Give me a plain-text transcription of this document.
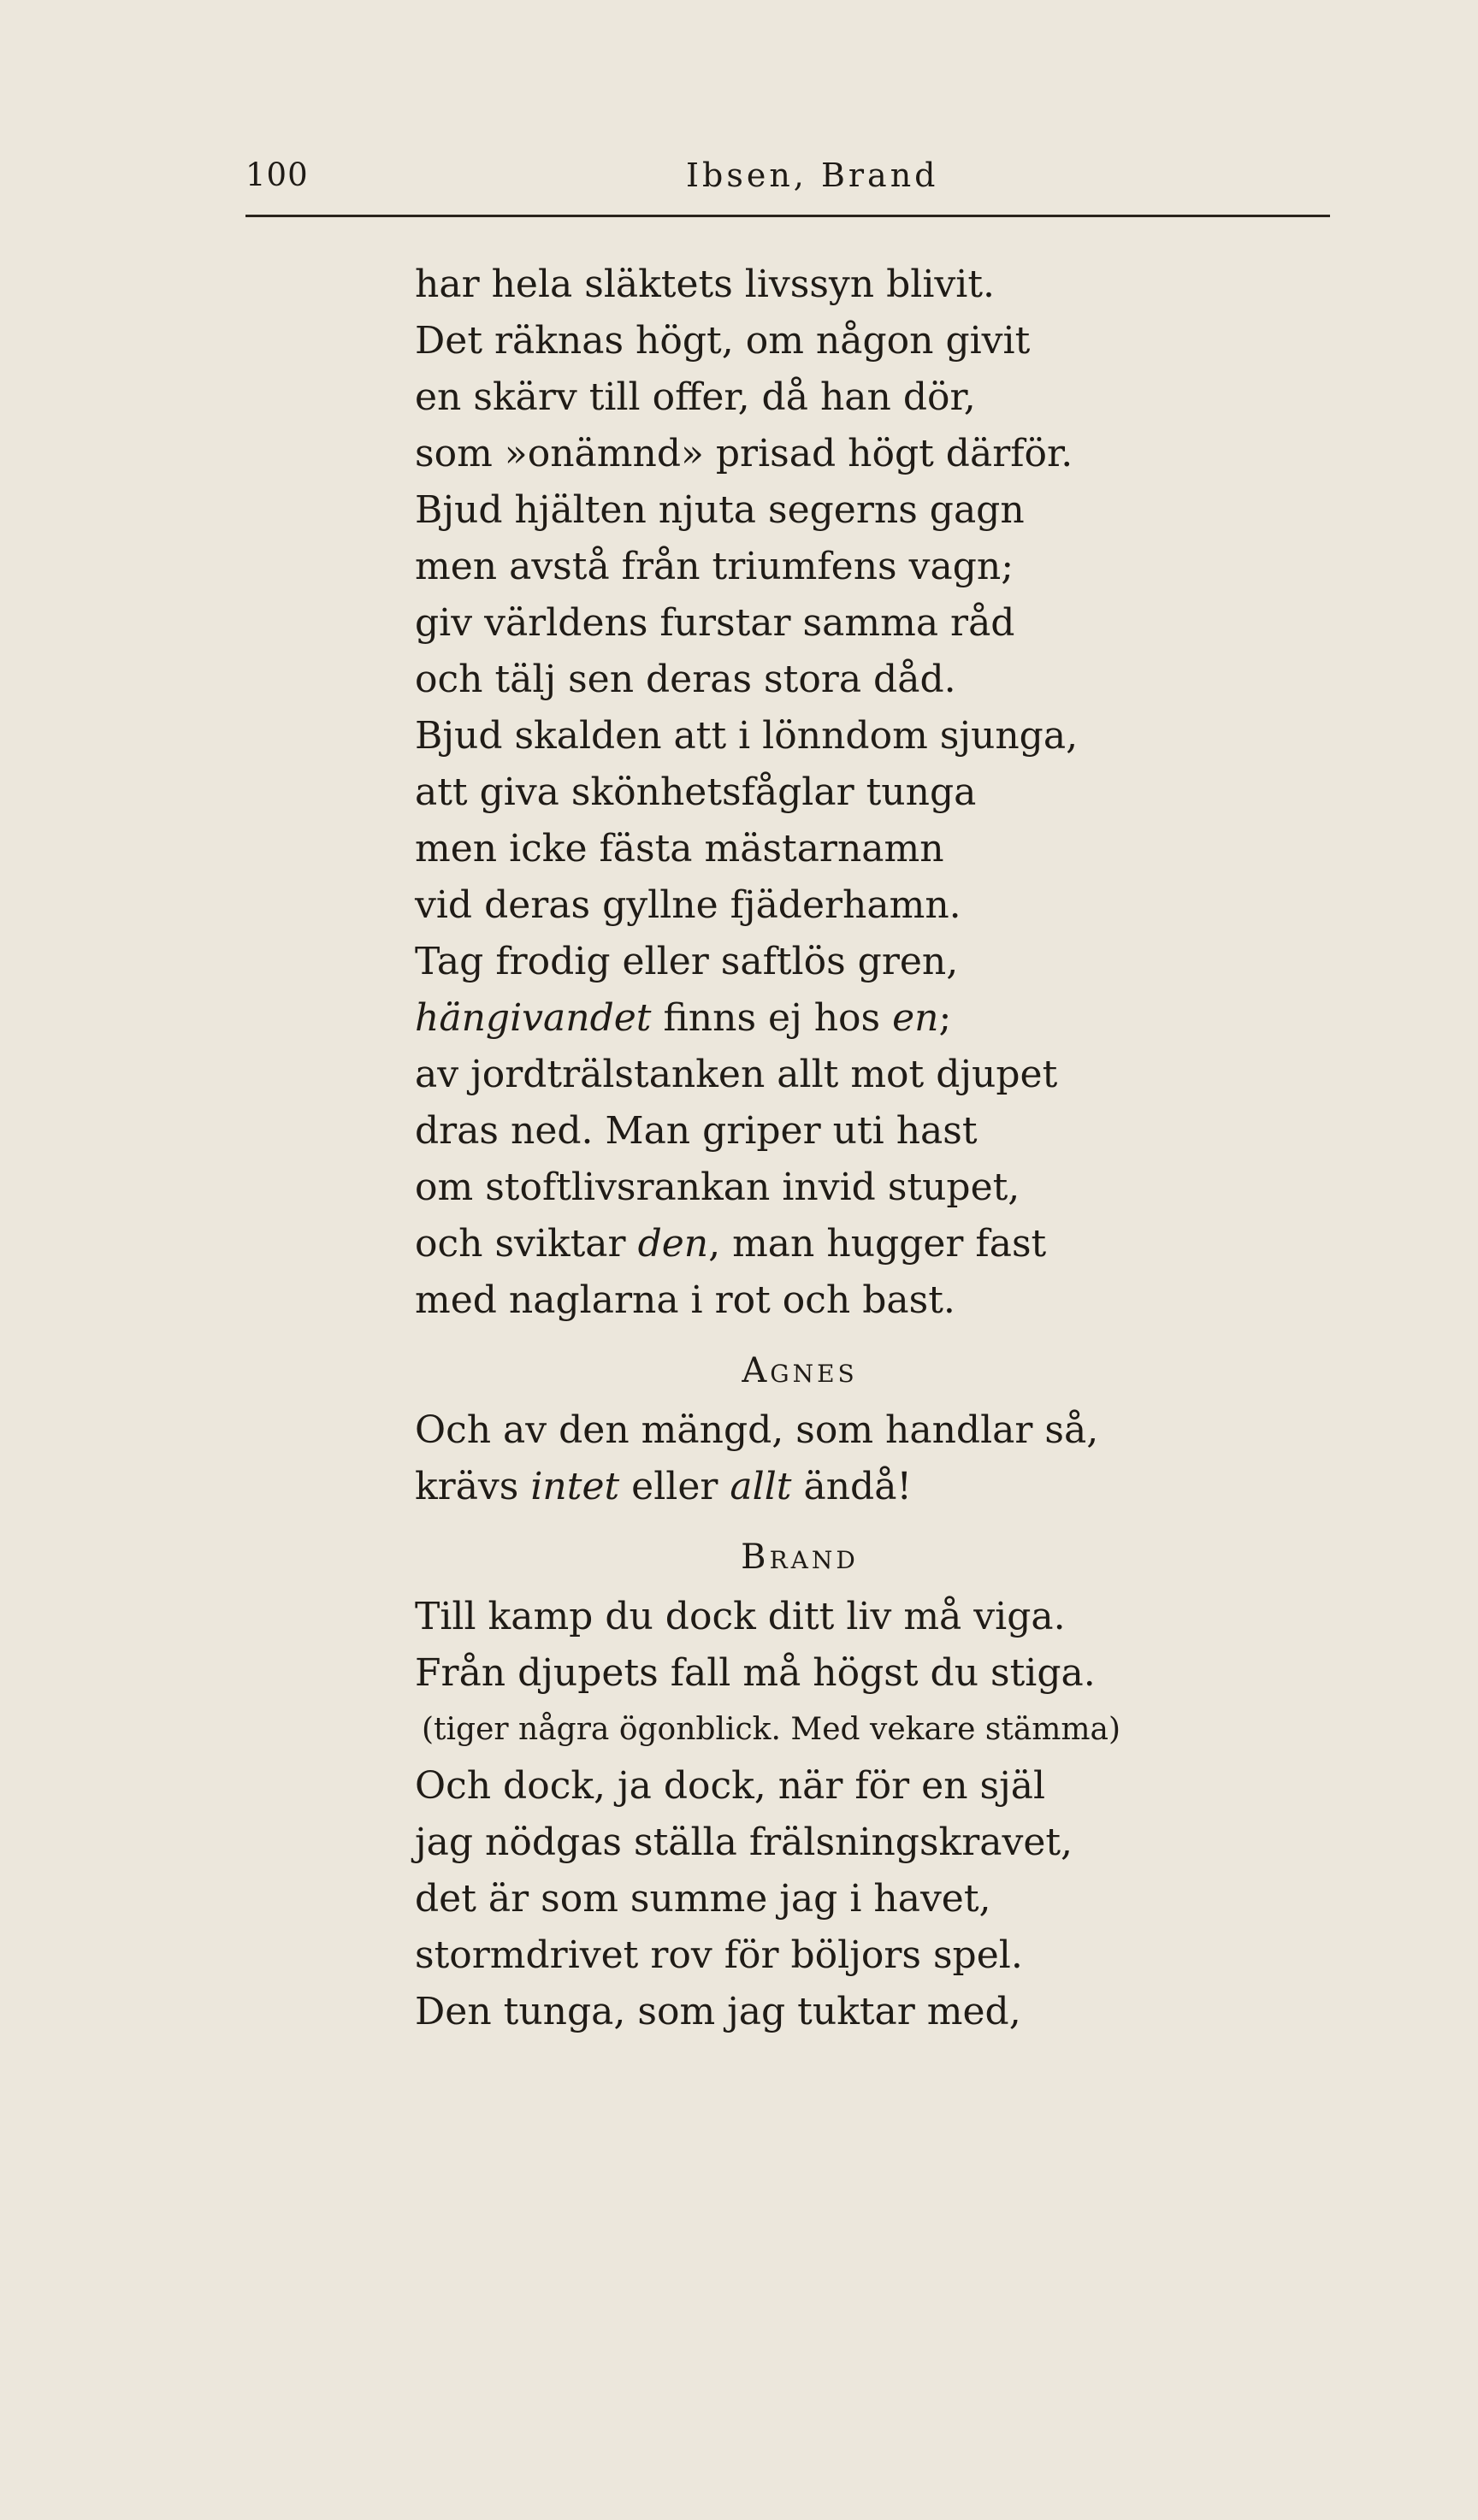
100	Ibsen, Brand
har hela släktets livssyn blivit.
Det räknas högt, om någon givit
en skärv till offer, då han dör,
som »onämnd» prisad högt därför.
Bjud hjälten njuta segerns gagn
men avstå från triumfens vagn;
giv världens furstar samma råd
och tälj sen deras stora dåd.
Bjud skalden att i lönndom sjunga,
att giva skönhetsfåglar tunga
men icke fästa mästarnamn
vid deras gyllne fjäderhamn.
Tag frodig eller saftlös gren,
hängivandet finns ej hos en;
av jordträlstanken allt mot djupet
dras ned. Man griper uti hast
om stoftlivsrankan invid stupet,
och sviktar den, man hugger fast
med naglarna i rot och bast.
Agnes
Och av den mängd, som handlar så,
krävs intet eller allt ändå!
Brand
Till kamp du dock ditt liv må viga.
Från djupets fall må högst du stiga.
(tiger några ögonblick. Med vekare stämma)
Och dock, ja dock, när för en själ
jag nödgas ställa frälsningskravet,
det är som summe jag i havet,
stormdrivet rov för böljors spel.
Den tunga, som jag tuktar med,
